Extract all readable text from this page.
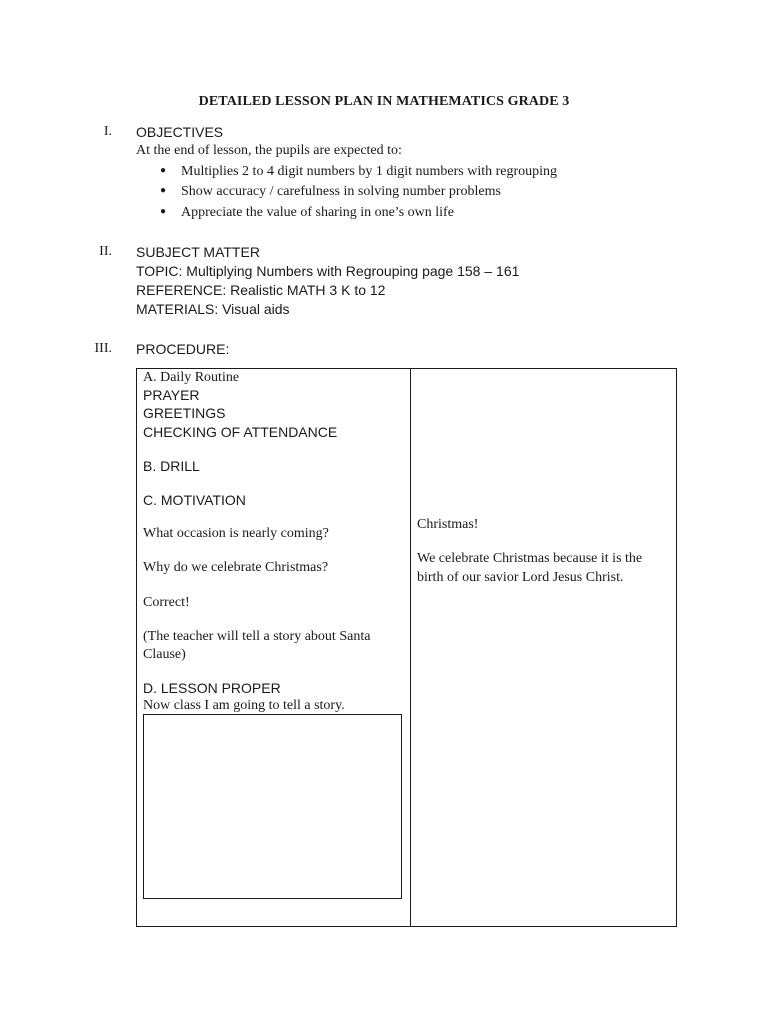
DETAILED LESSON PLAN IN MATHEMATICS GRADE 3
I. OBJECTIVES
At the end of lesson, the pupils are expected to:
● Multiplies 2 to 4 digit numbers by 1 digit numbers with regrouping
● Show accuracy / carefulness in solving number problems
● Appreciate the value of sharing in one’s own life
II. SUBJECT MATTER
TOPIC: Multiplying Numbers with Regrouping page 158 – 161
REFERENCE: Realistic MATH 3 K to 12
MATERIALS: Visual aids
III. PROCEDURE:
A. Daily Routine
PRAYER
GREETINGS
CHECKING OF ATTENDANCE
B. DRILL
C. MOTIVATION
What occasion is nearly coming?
Why do we celebrate Christmas?
Correct!
(The teacher will tell a story about Santa
Clause)
D. LESSON PROPER
Now class I am going to tell a story.
Christmas!
We celebrate Christmas because it is the
birth of our savior Lord Jesus Christ.
